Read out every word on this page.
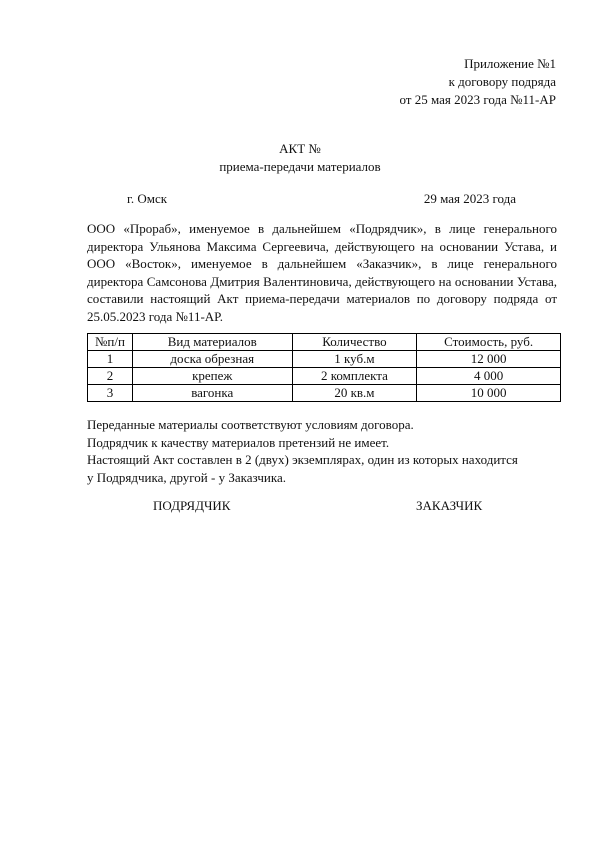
Приложение №1
к договору подряда
от 25 мая 2023 года №11-АР
АКТ №
приема-передачи материалов
г. Омск	29 мая 2023 года
ООО «Прораб», именуемое в дальнейшем «Подрядчик», в лице генерального директора Ульянова Максима Сергеевича, действующего на основании Устава, и ООО «Восток», именуемое в дальнейшем «Заказчик», в лице генерального директора Самсонова Дмитрия Валентиновича, действующего на основании Устава, составили настоящий Акт приема-передачи материалов по договору подряда от 25.05.2023 года №11-АР.
№п/п	Вид материалов	Количество	Стоимость, руб.
1	доска обрезная	1 куб.м	12 000
2	крепеж	2 комплекта	4 000
3	вагонка	20 кв.м	10 000
Переданные материалы соответствуют условиям договора.
Подрядчик к качеству материалов претензий не имеет.
Настоящий Акт составлен в 2 (двух) экземплярах, один из которых находится
у Подрядчика, другой - у Заказчика.
ПОДРЯДЧИК	ЗАКАЗЧИК
